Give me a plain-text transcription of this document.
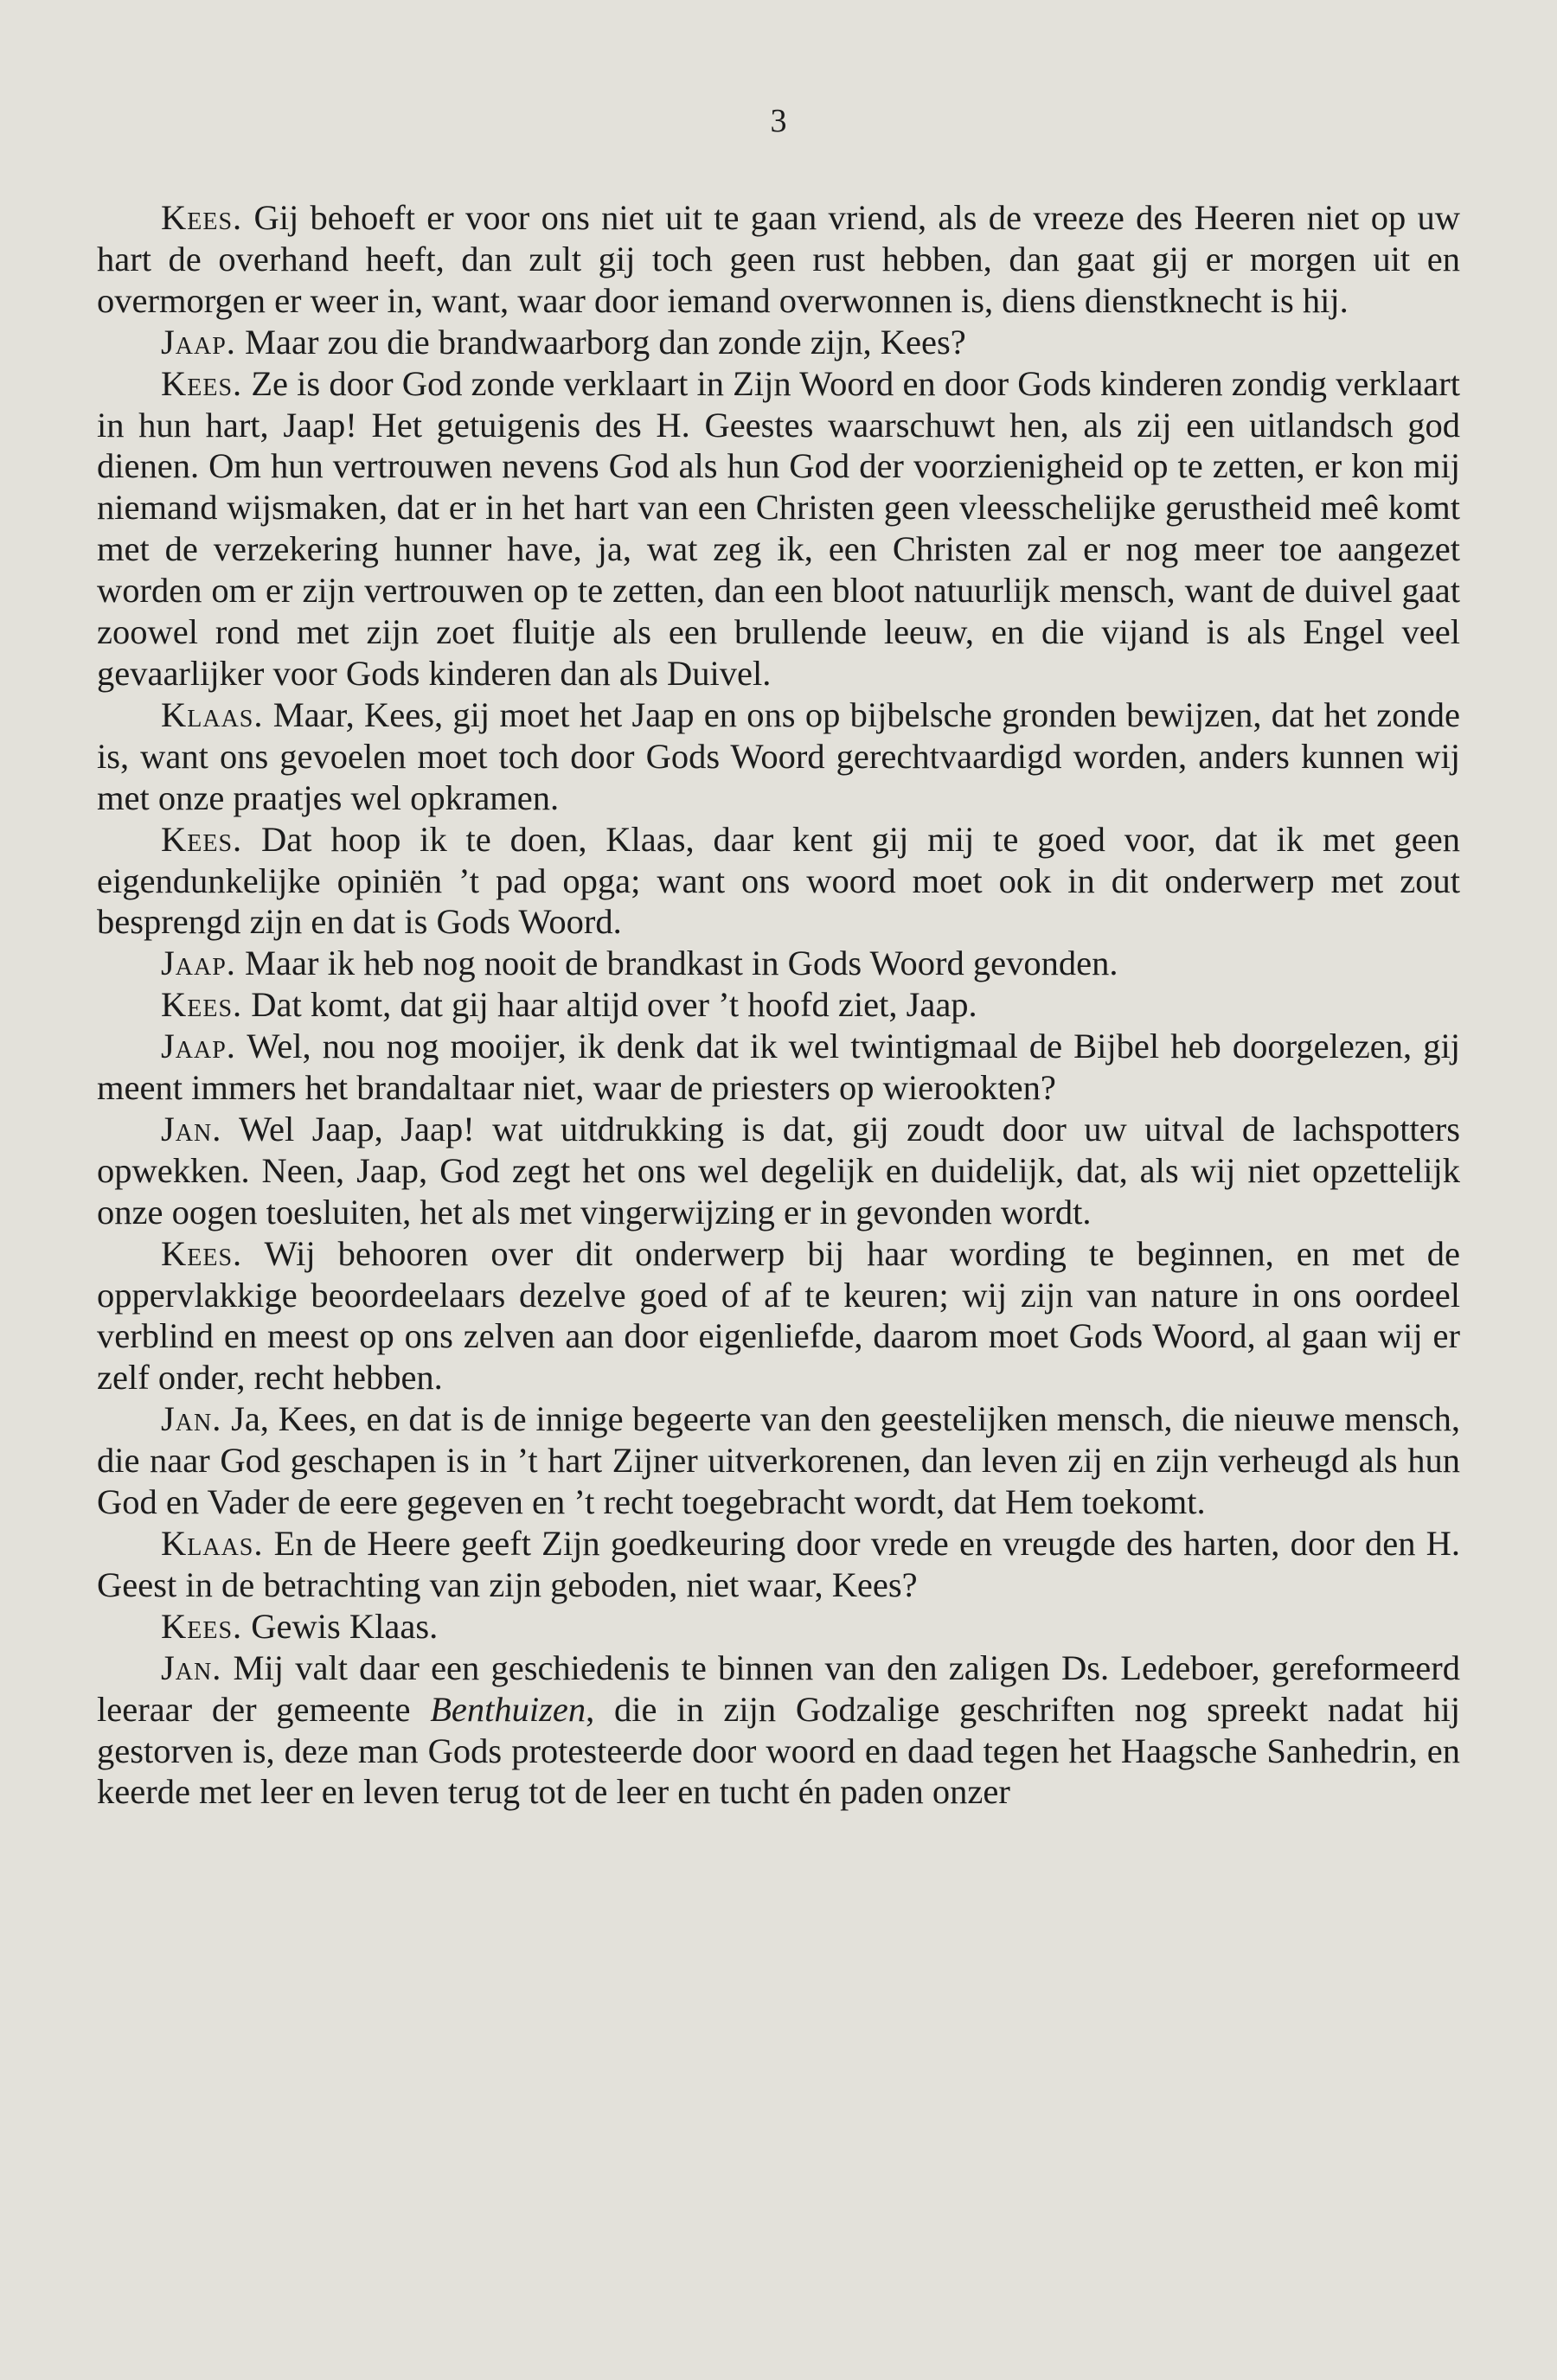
3

Kees. Gij behoeft er voor ons niet uit te gaan vriend, als de vreeze des Heeren niet op uw hart de overhand heeft, dan zult gij toch geen rust hebben, dan gaat gij er morgen uit en overmorgen er weer in, want, waar door iemand overwonnen is, diens dienstknecht is hij.

Jaap. Maar zou die brandwaarborg dan zonde zijn, Kees?

Kees. Ze is door God zonde verklaart in Zijn Woord en door Gods kinderen zondig verklaart in hun hart, Jaap! Het getuigenis des H. Geestes waarschuwt hen, als zij een uitlandsch god dienen. Om hun vertrouwen nevens God als hun God der voorzienigheid op te zetten, er kon mij niemand wijsmaken, dat er in het hart van een Christen geen vleesschelijke gerustheid meê komt met de verzekering hunner have, ja, wat zeg ik, een Christen zal er nog meer toe aangezet worden om er zijn vertrouwen op te zetten, dan een bloot natuurlijk mensch, want de duivel gaat zoowel rond met zijn zoet fluitje als een brullende leeuw, en die vijand is als Engel veel gevaarlijker voor Gods kinderen dan als Duivel.

Klaas. Maar, Kees, gij moet het Jaap en ons op bijbelsche gronden bewijzen, dat het zonde is, want ons gevoelen moet toch door Gods Woord gerechtvaardigd worden, anders kunnen wij met onze praatjes wel opkramen.

Kees. Dat hoop ik te doen, Klaas, daar kent gij mij te goed voor, dat ik met geen eigendunkelijke opiniën ’t pad opga; want ons woord moet ook in dit onderwerp met zout besprengd zijn en dat is Gods Woord.

Jaap. Maar ik heb nog nooit de brandkast in Gods Woord gevonden.

Kees. Dat komt, dat gij haar altijd over ’t hoofd ziet, Jaap.

Jaap. Wel, nou nog mooijer, ik denk dat ik wel twintigmaal de Bijbel heb doorgelezen, gij meent immers het brandaltaar niet, waar de priesters op wierookten?

Jan. Wel Jaap, Jaap! wat uitdrukking is dat, gij zoudt door uw uitval de lachspotters opwekken. Neen, Jaap, God zegt het ons wel degelijk en duidelijk, dat, als wij niet opzettelijk onze oogen toesluiten, het als met vingerwijzing er in gevonden wordt.

Kees. Wij behooren over dit onderwerp bij haar wording te beginnen, en met de oppervlakkige beoordeelaars dezelve goed of af te keuren; wij zijn van nature in ons oordeel verblind en meest op ons zelven aan door eigenliefde, daarom moet Gods Woord, al gaan wij er zelf onder, recht hebben.

Jan. Ja, Kees, en dat is de innige begeerte van den geestelijken mensch, die nieuwe mensch, die naar God geschapen is in ’t hart Zijner uitverkorenen, dan leven zij en zijn verheugd als hun God en Vader de eere gegeven en ’t recht toegebracht wordt, dat Hem toekomt.

Klaas. En de Heere geeft Zijn goedkeuring door vrede en vreugde des harten, door den H. Geest in de betrachting van zijn geboden, niet waar, Kees?

Kees. Gewis Klaas.

Jan. Mij valt daar een geschiedenis te binnen van den zaligen Ds. Ledeboer, gereformeerd leeraar der gemeente Benthuizen, die in zijn Godzalige geschriften nog spreekt nadat hij gestorven is, deze man Gods protesteerde door woord en daad tegen het Haagsche Sanhedrin, en keerde met leer en leven terug tot de leer en tucht én paden onzer
